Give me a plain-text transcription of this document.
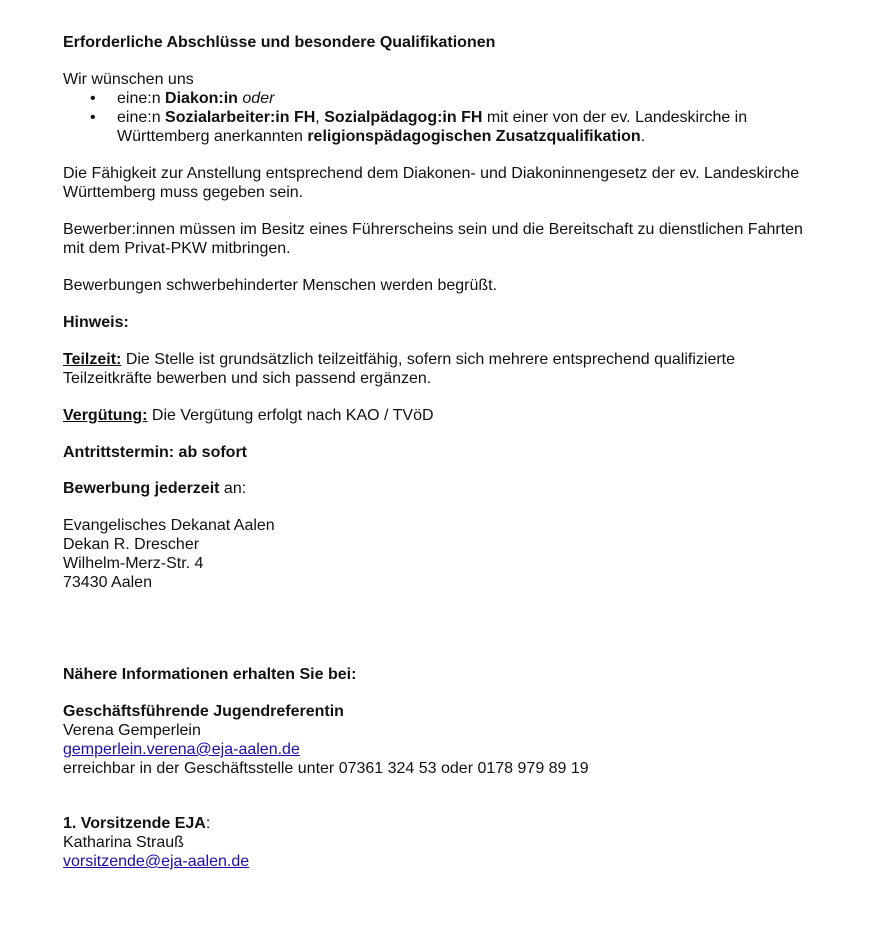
Erforderliche Abschlüsse und besondere Qualifikationen

Wir wünschen uns

• eine:n Diakon:in oder
• eine:n Sozialarbeiter:in FH, Sozialpädagog:in FH mit einer von der ev. Landeskirche in Württemberg anerkannten religionspädagogischen Zusatzqualifikation.

Die Fähigkeit zur Anstellung entsprechend dem Diakonen- und Diakoninnengesetz der ev. Landeskirche Württemberg muss gegeben sein.

Bewerber:innen müssen im Besitz eines Führerscheins sein und die Bereitschaft zu dienstlichen Fahrten mit dem Privat-PKW mitbringen.

Bewerbungen schwerbehinderter Menschen werden begrüßt.

Hinweis:

Teilzeit: Die Stelle ist grundsätzlich teilzeitfähig, sofern sich mehrere entsprechend qualifizierte Teilzeitkräfte bewerben und sich passend ergänzen.

Vergütung: Die Vergütung erfolgt nach KAO / TVöD

Antrittstermin: ab sofort

Bewerbung jederzeit an:

Evangelisches Dekanat Aalen

Dekan R. Drescher

Wilhelm-Merz-Str. 4

73430 Aalen

Nähere Informationen erhalten Sie bei:

Geschäftsführende Jugendreferentin

Verena Gemperlein

gemperlein.verena@eja-aalen.de

erreichbar in der Geschäftsstelle unter 07361 324 53 oder 0178 979 89 19

1. Vorsitzende EJA:

Katharina Strauß

vorsitzende@eja-aalen.de
